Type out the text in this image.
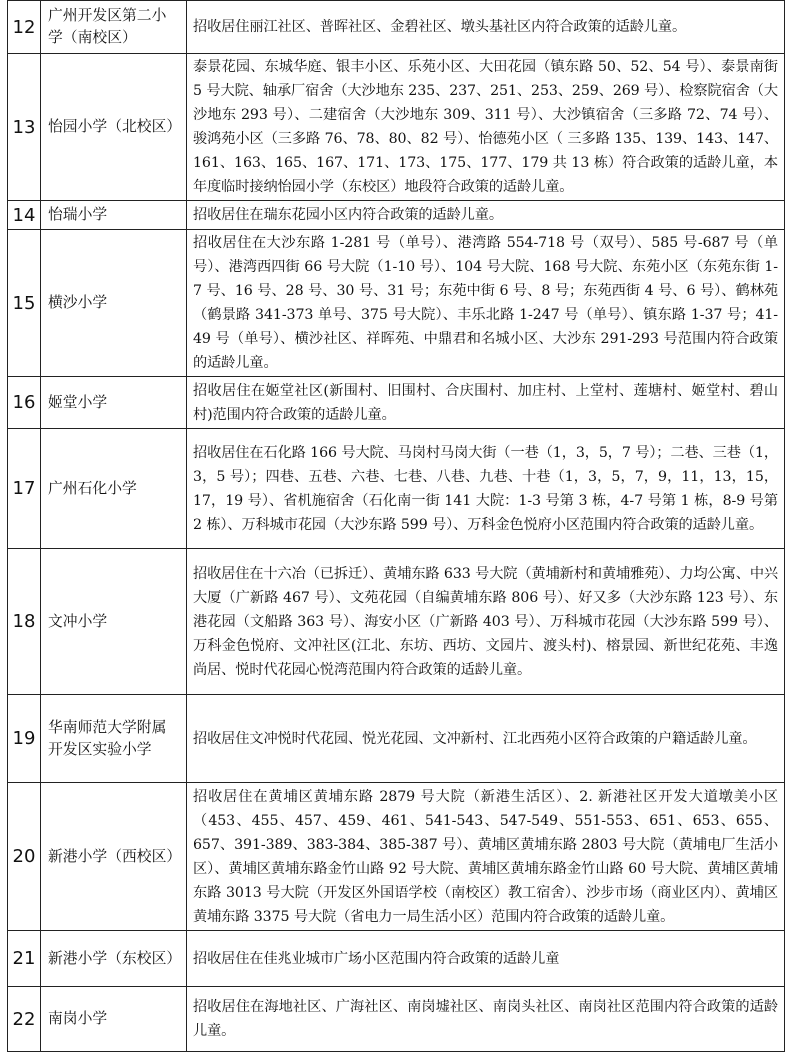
12	广州开发区第二小学（南校区）	招收居住丽江社区、普晖社区、金碧社区、墩头基社区内符合政策的适龄儿童。
13	怡园小学（北校区）	泰景花园、东城华庭、银丰小区、乐苑小区、大田花园（镇东路 50、52、54 号）、泰景南街 5 号大院、轴承厂宿舍（大沙地东 235、237、251、253、259、269 号）、检察院宿舍（大沙地东 293 号）、二建宿舍（大沙地东 309、311 号）、大沙镇宿舍（三多路 72、74 号）、骏鸿苑小区（三多路 76、78、80、82 号）、怡德苑小区（ 三多路 135、139、143、147、161、163、165、167、171、173、175、177、179 共 13 栋）符合政策的适龄儿童，本年度临时接纳怡园小学（东校区）地段符合政策的适龄儿童。
14	怡瑞小学	招收居住在瑞东花园小区内符合政策的适龄儿童。
15	横沙小学	招收居住在大沙东路 1-281 号（单号）、港湾路 554-718 号（双号）、585 号-687 号（单号）、港湾西四街 66 号大院（1-10 号）、104 号大院、168 号大院、东苑小区（东苑东街 1-7 号、16 号、28 号、30 号、31 号；东苑中街 6 号、8 号；东苑西街 4 号、6 号）、鹤林苑（鹤景路 341-373 单号、375 号大院）、丰乐北路 1-247 号（单号）、镇东路 1-37 号；41-49 号（单号）、横沙社区、祥晖苑、中鼎君和名城小区、大沙东 291-293 号范围内符合政策的适龄儿童。
16	姬堂小学	招收居住在姬堂社区(新围村、旧围村、合庆围村、加庄村、上堂村、莲塘村、姬堂村、碧山村)范围内符合政策的适龄儿童。
17	广州石化小学	招收居住在石化路 166 号大院、马岗村马岗大街（一巷（1，3，5，7 号）；二巷、三巷（1，3，5 号）；四巷、五巷、六巷、七巷、八巷、九巷、十巷（1，3，5，7，9，11，13，15，17，19 号）、省机施宿舍（石化南一街 141 大院：1-3 号第 3 栋，4-7 号第 1 栋，8-9 号第 2 栋）、万科城市花园（大沙东路 599 号）、万科金色悦府小区范围内符合政策的适龄儿童。
18	文冲小学	招收居住在十六冶（已拆迁）、黄埔东路 633 号大院（黄埔新村和黄埔雅苑）、力均公寓、中兴大厦（广新路 467 号）、文苑花园（自编黄埔东路 806 号）、好又多（大沙东路 123 号）、东港花园（文船路 363 号）、海安小区（广新路 403 号）、万科城市花园（大沙东路 599 号）、万科金色悦府、文冲社区(江北、东坊、西坊、文园片、渡头村)、榕景园、新世纪花苑、丰逸尚居、悦时代花园心悦湾范围内符合政策的适龄儿童。
19	华南师范大学附属开发区实验小学	招收居住文冲悦时代花园、悦光花园、文冲新村、江北西苑小区符合政策的户籍适龄儿童。
20	新港小学（西校区）	招收居住在黄埔区黄埔东路 2879 号大院（新港生活区）、2. 新港社区开发大道墩美小区（453、455、457、459、461、541-543、547-549、551-553、651、653、655、657、391-389、383-384、385-387 号）、黄埔区黄埔东路 2803 号大院（黄埔电厂生活小区）、黄埔区黄埔东路金竹山路 92 号大院、黄埔区黄埔东路金竹山路 60 号大院、黄埔区黄埔东路 3013 号大院（开发区外国语学校（南校区）教工宿舍）、沙步市场（商业区内）、黄埔区黄埔东路 3375 号大院（省电力一局生活小区）范围内符合政策的适龄儿童。
21	新港小学（东校区）	招收居住在佳兆业城市广场小区范围内符合政策的适龄儿童
22	南岗小学	招收居住在海地社区、广海社区、南岗墟社区、南岗头社区、南岗社区范围内符合政策的适龄儿童。
